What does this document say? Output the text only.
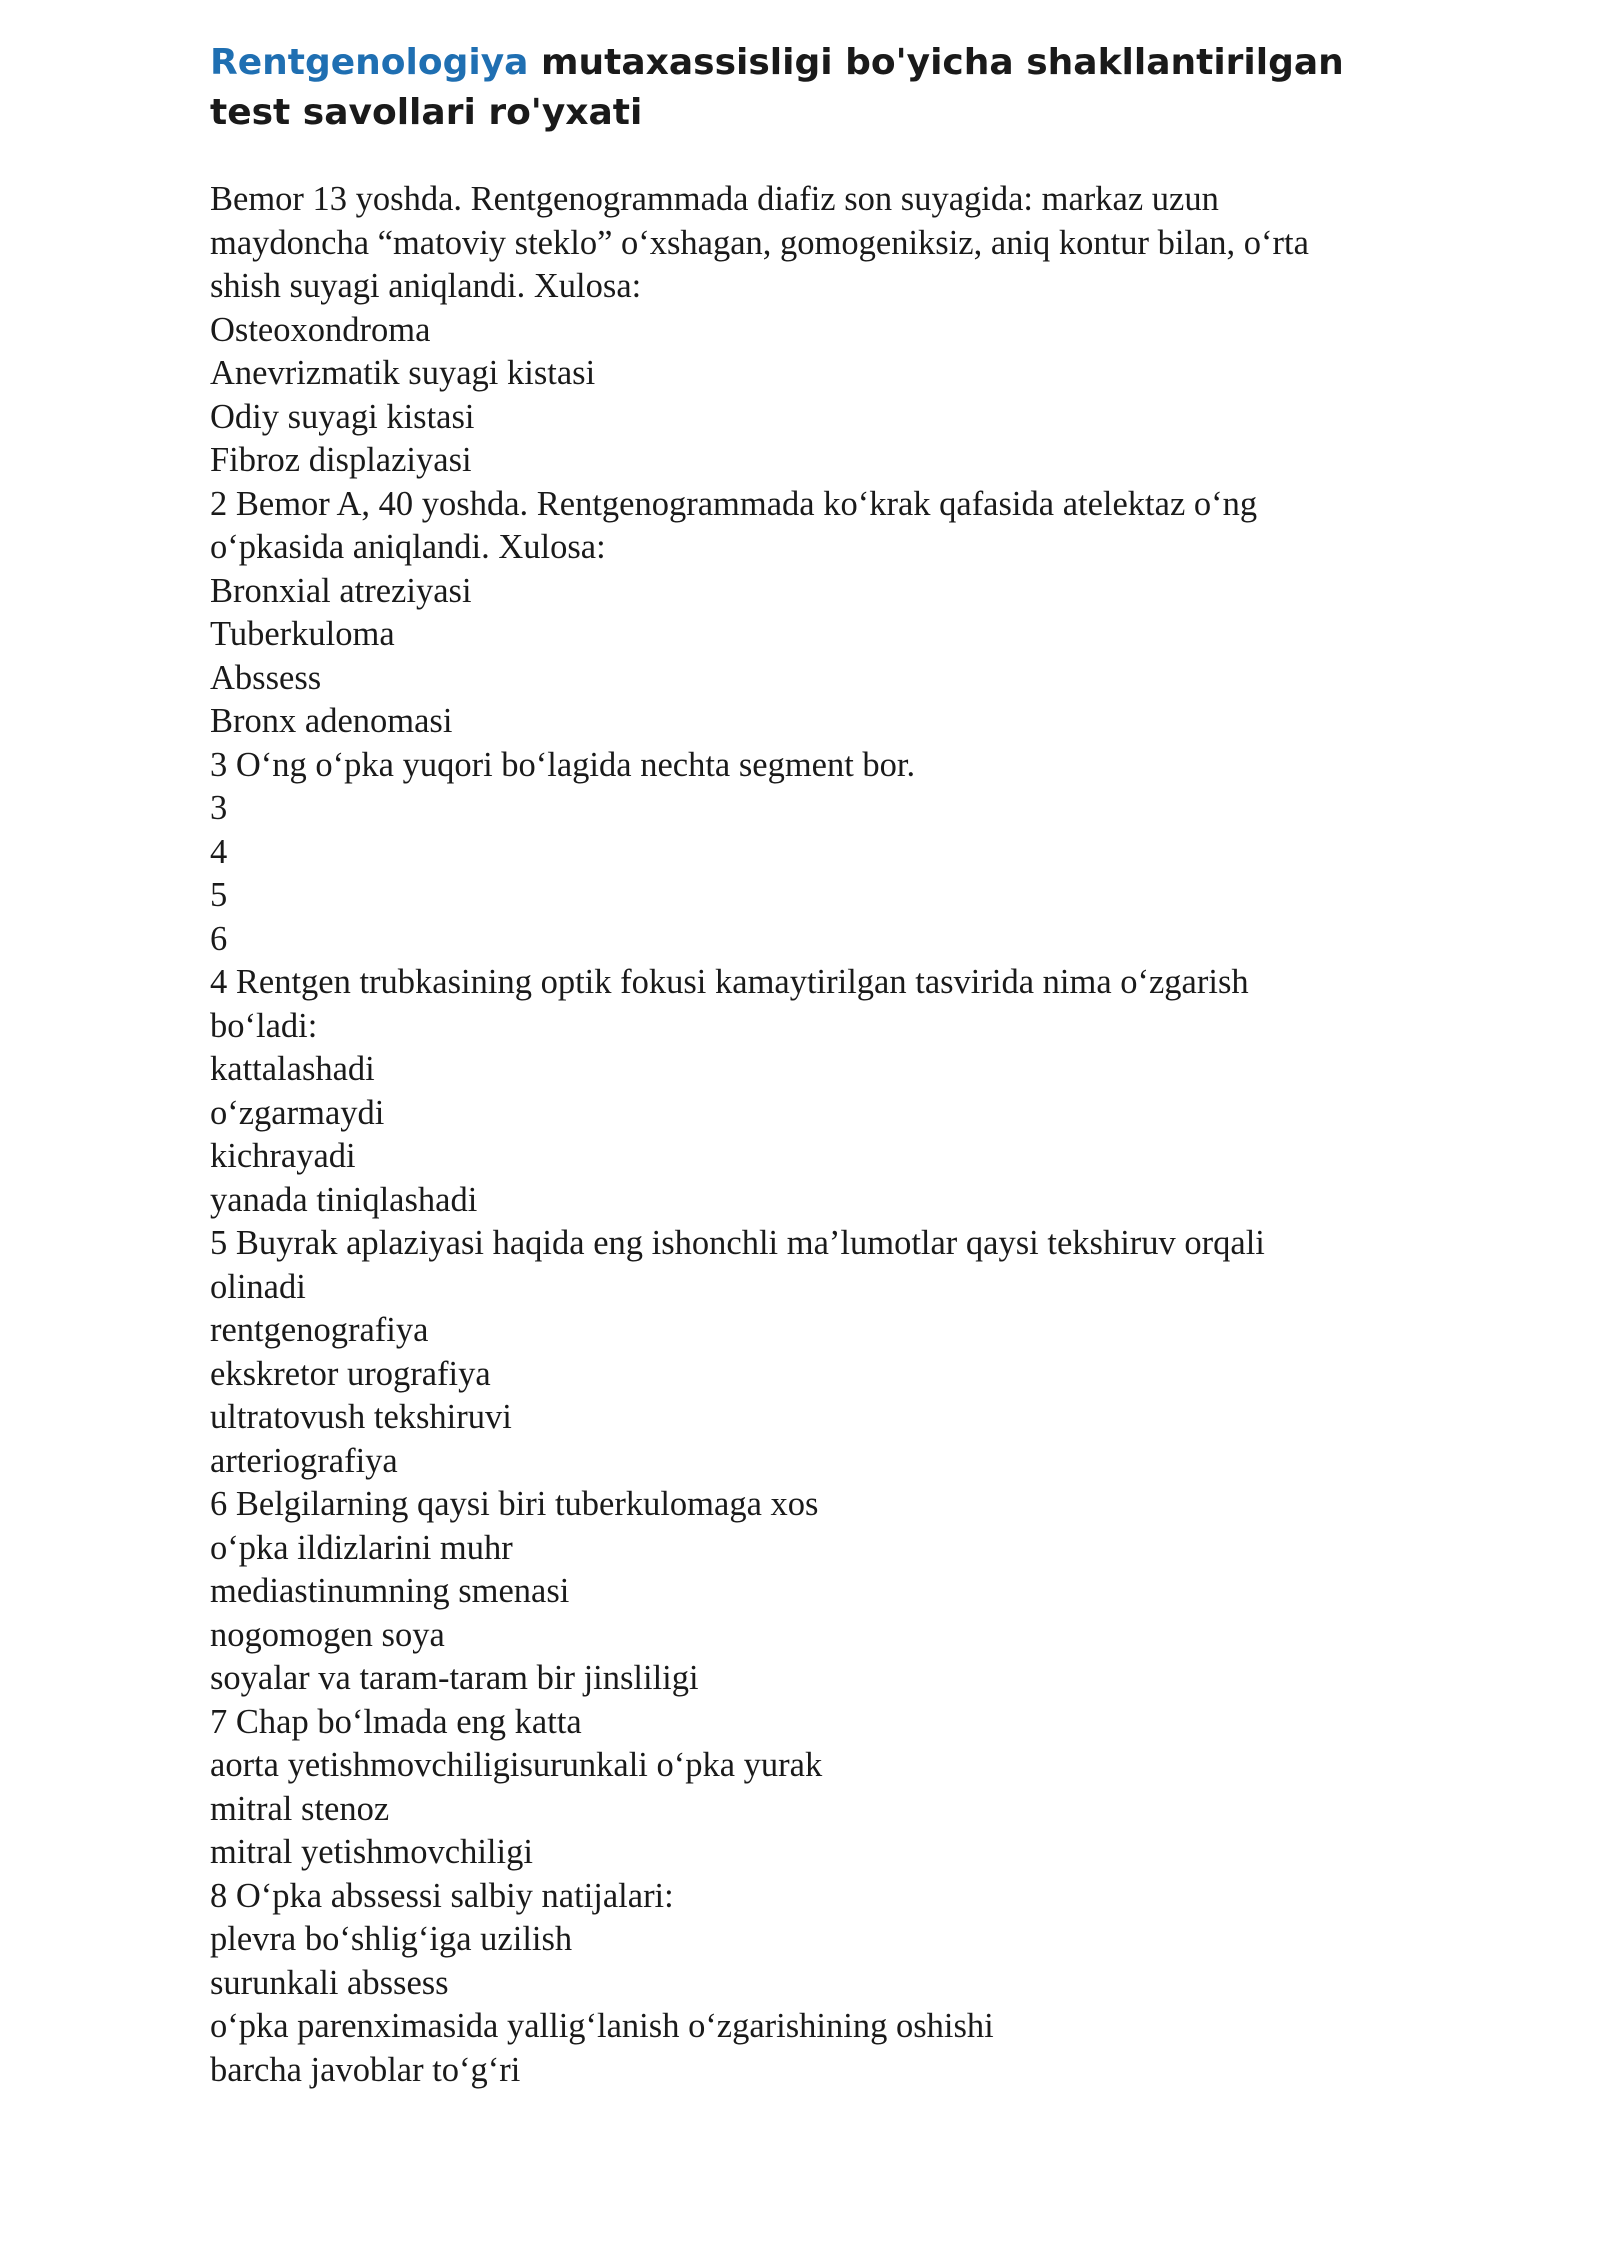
Rentgenologiya mutaxassisligi bo'yicha shakllantirilgan
test savollari ro'yxati
Bemor 13 yoshda. Rentgenogrammada diafiz son suyagida: markaz uzun
maydoncha “matoviy steklo” o‘xshagan, gomogeniksiz, aniq kontur bilan, o‘rta
shish suyagi aniqlandi. Xulosa:
Osteoxondroma
Anevrizmatik suyagi kistasi
Odiy suyagi kistasi
Fibroz displaziyasi
2 Bemor A, 40 yoshda. Rentgenogrammada ko‘krak qafasida atelektaz o‘ng
o‘pkasida aniqlandi. Xulosa:
Bronxial atreziyasi
Tuberkuloma
Abssess
Bronx adenomasi
3 O‘ng o‘pka yuqori bo‘lagida nechta segment bor.
3
4
5
6
4 Rentgen trubkasining optik fokusi kamaytirilgan tasvirida nima o‘zgarish
bo‘ladi:
kattalashadi
o‘zgarmaydi
kichrayadi
yanada tiniqlashadi
5 Buyrak aplaziyasi haqida eng ishonchli ma’lumotlar qaysi tekshiruv orqali
olinadi
rentgenografiya
ekskretor urografiya
ultratovush tekshiruvi
arteriografiya
6 Belgilarning qaysi biri tuberkulomaga xos
o‘pka ildizlarini muhr
mediastinumning smenasi
nogomogen soya
soyalar va taram-taram bir jinsliligi
7 Chap bo‘lmada eng katta
aorta yetishmovchiligisurunkali o‘pka yurak
mitral stenoz
mitral yetishmovchiligi
8 O‘pka abssessi salbiy natijalari:
plevra bo‘shlig‘iga uzilish
surunkali abssess
o‘pka parenximasida yallig‘lanish o‘zgarishining oshishi
barcha javoblar to‘g‘ri
